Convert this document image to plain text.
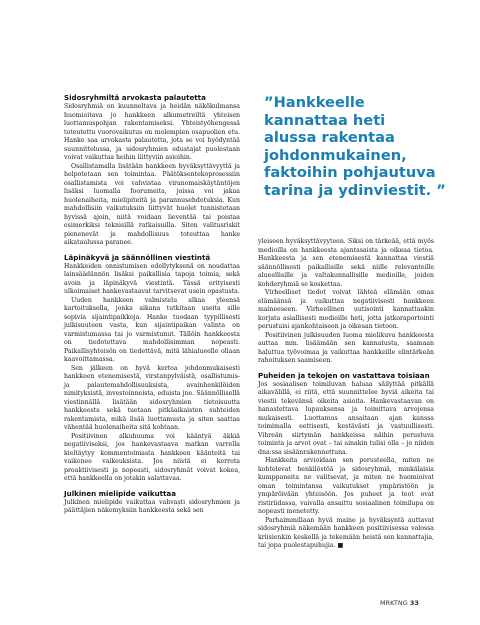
Sidosryhmiltä arvokasta palautetta

Sidosryhmiä on kuunneltava ja heidän näkökulmansa huomioitava jo hankkeen alkumetreiltä yhteisen luottamuspohjan rakentamiseksi. Yhteistyöhengessä toteutettu vuorovaikutus on molempien osapuolien etu. Hanke saa arvokasta palautetta, jota se voi hyödyntää suunnittelussa, ja sidosryhmien edustajat puolestaan voivat vaikuttaa heihin liittyviin asioihin.

Osallistamalla lisätään hankkeen hyväksyttävyyttä ja helpotetaan sen toimintaa. Päätöksentekoprosessiin osallistamista voi vahvistaa viranomaiskäytäntöjen lisäksi luomalla foorumeita, joissa voi jakaa huolenaiheita, mielipiteitä ja parannusehdotuksia. Kun mahdollisiin vaikutuksiin liittyvät huolet tunnistetaan hyvissä ajoin, niitä voidaan lieventää tai poistaa esimerkiksi teknisillä ratkaisuilla. Siten valitusriskit pienenevät ja mahdollisuus toteuttaa hanke aikataulussa paranee.

Läpinäkyvä ja säännöllinen viestintä

Hankkeiden onnistumisen edellytyksenä on noudattaa lainsäädännön lisäksi paikallisia tapoja toimia, sekä avoin ja läpinäkyvä viestintä. Tässä erityisesti ulkoimaiset hankevastaavat tarvitsevat usein opastusta.

Uuden hankkeen valmistelu alkaa yleensä kartoituksella, jonka aikana tutkitaan useita sille sopivia sijaintipaikkoja. Hanke tuodaan tyypillisesti julkisuuteen vasta, kun sijaintipaikan valinta on varmistumassa tai jo varmistunut. Tällöin hankkeesta on tiedotettava mahdollisimman nopeasti. Paikallisyhteisön on tiedettävä, mitä lähialueelle ollaan kaavoittamassa.

Sen jälkeen on hyvä kertoa johdonmukaisesti hankkeen etenemisestä, virstanpylväistä, osallistumis- ja palautemahdollisuuksista, avainhenkilöiden nimityksistä, investoinneista, eduista jne. Säännöllisellä viestinnällä lisätään sidosryhmien tietoisuutta hankkeesta sekä tuetaan pitkäaikaisten suhteiden rakentamista, mikä lisää luottamusta ja siten saattaa vähentää huolenaiheita sitä kohtaan.

Positiivinen alkuhuuma voi kääntyä äkkiä negatiiviseksi, jos hankevastaava matkan varrella kieltäytyy kommentoimasta hankkeen käänteitä tai vaikenee vaikeuksista. Jos niistä ei kerrota proaktiivisesti ja nopeasti, sidosryhmät voivat kokea, että hankkeella on jotakin salattavaa.

Julkinen mielipide vaikuttaa

Julkinen mielipide vaikuttaa vahvasti sidosryhmien ja päättäjien näkemyksiin hankkeesta sekä sen

”Hankkeelle
kannattaa heti
alussa rakentaa
johdonmukainen,
faktoihin pohjautuva
tarina ja ydinviestit. ”

yleiseen hyväksyttävyyteen. Siksi on tärkeää, että myös medioilla on hankkeesta ajantasaista ja oikeaa tietoa. Hankkeesta ja sen etenemisestä kannattaa viestiä säännöllisesti paikallisille sekä niille relevanteille alueellisille ja valtakunnallisille medioille, joiden kohderyhmiä se koskettaa.

Virheelliset tiedot voivat lähteä elämään omaa elämäänsä ja vaikuttaa negatiivisesti hankkeen maineeseen. Virheellinen uutisointi kannattaakin korjata asiallisesti medioille heti, jotta jatkoraportointi perustuisi ajankohtaiseen ja oikeaan tietoon.

Positiivinen julkisuuden luoma mielikuva hankkeesta auttaa mm. lisäämään sen kannatusta, saamaan haluttua työvoimaa ja vaikuttaa hankkeille elintärkeän rahoituksen saamiseen.

Puheiden ja tekojen on vastattava toisiaan

Jos sosiaalisen toimiluvan haluaa säilyttää pitkällä aikavälillä, ei riitä, että suunnittelee hyviä aikeita tai viestii tekevänsä oikeita asioita. Hankevastaavan on hanastettava lupauksensa ja toimittava arvojensa mukaisesti. Luottamus ansaitaan ajan kanssa toimimalla eettisesti, kestävästi ja vastuullisesti. Vihreän siirtymän hankkeissa näihin perustuva toiminta ja arvot ovat – tai ainakin tulisi olla – jo niiden dna:ssa sisäänrakennettuna.

Hankkeita arvioidaan sen perusteella, miten ne kohtelevat henkilöstöä ja sidosryhmiä, minkälaisia kumppaneita ne valitsevat, ja miten ne huomioivat oman toimintansa vaikutukset ympäristöön ja ympäröivään yhteisöön. Jos puheet ja teot ovat ristiriidassa, vaivalla ansaittu sosiaalinen toimilupa on nopeasti menetetty.

Parhaimmillaan hyvä maine ja hyväksyntä auttavat sidosryhmiä näkemään hankkeen positiivisessa valossa kriisienkin keskellä ja tekemään heistä sen kannattajia, tai jopa puolestapuhujia. ■

MRKTNG 33
